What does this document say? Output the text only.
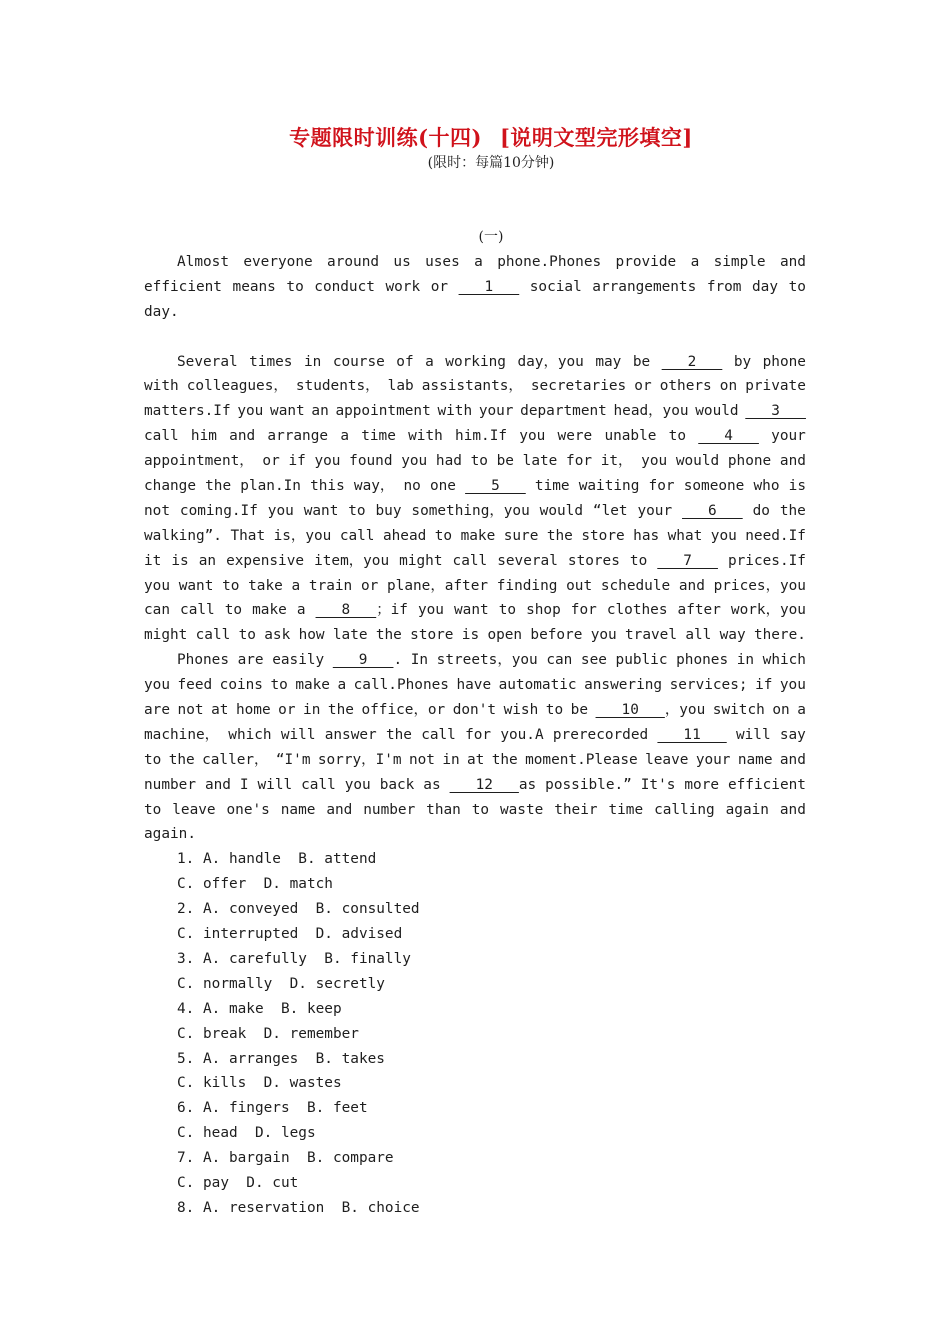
专题限时训练(十四) [说明文型完形填空]
(限时：每篇10分钟)
(一)
Almost everyone around us uses a phone.Phones provide a simple and
efficient means to conduct work or 1 social arrangements from day to
day.
Several times in course of a working day，you may be 2 by phone
with colleagues， students， lab assistants， secretaries or others on private
matters.If you want an appointment with your department head，you would 3
call him and arrange a time with him.If you were unable to 4 your
appointment， or if you found you had to be late for it， you would phone and
change the plan.In this way， no one 5 time waiting for someone who is
not coming.If you want to buy something，you would “let your 6 do the
walking”. That is，you call ahead to make sure the store has what you need.If
it is an expensive item，you might call several stores to 7 prices.If
you want to take a train or plane，after finding out schedule and prices，you
can call to make a 8   ；if you want to shop for clothes after work，you
might call to ask how late the store is open before you travel all way there.
Phones are easily 9   . In streets，you can see public phones in which
you feed coins to make a call.Phones have automatic answering services; if you
are not at home or in the office，or don't wish to be 10   ，you switch on a
machine， which will answer the call for you.A prerecorded 11 will say
to the caller， “I'm sorry，I'm not in at the moment.Please leave your name and
number and I will call you back as 12   as possible.” It's more efficient
to leave one's name and number than to waste their time calling again and
again.
1. A. handle  B. attend
C. offer  D. match
2. A. conveyed  B. consulted
C. interrupted  D. advised
3. A. carefully  B. finally
C. normally  D. secretly
4. A. make  B. keep
C. break  D. remember
5. A. arranges  B. takes
C. kills  D. wastes
6. A. fingers  B. feet
C. head  D. legs
7. A. bargain  B. compare
C. pay  D. cut
8. A. reservation  B. choice
